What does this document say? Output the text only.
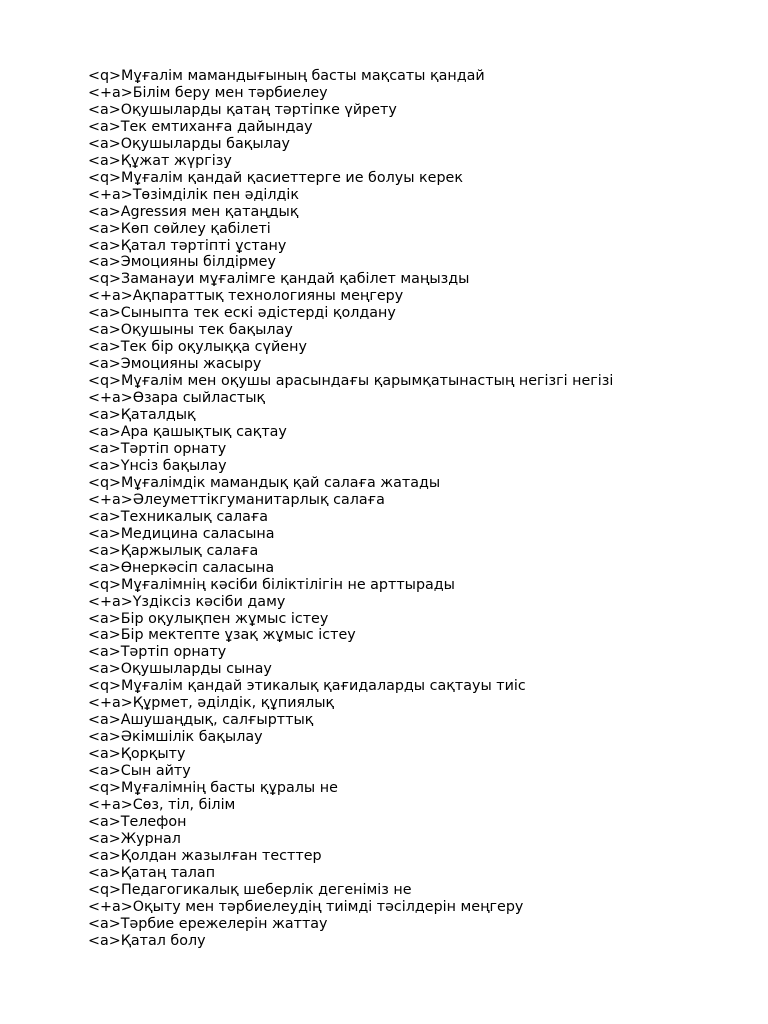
<q>Мұғалім мамандығының басты мақсаты қандай
<+a>Білім беру мен тәрбиелеу
<a>Оқушыларды қатаң тәртіпке үйрету
<a>Тек емтиханға дайындау
<a>Оқушыларды бақылау
<a>Құжат жүргізу
<q>Мұғалім қандай қасиеттерге ие болуы керек
<+a>Төзімділік пен әділдік
<a>Agressия мен қатаңдық
<a>Көп сөйлеу қабілеті
<a>Қатал тәртіпті ұстану
<a>Эмоцияны білдірмеу
<q>Заманауи мұғалімге қандай қабілет маңызды
<+a>Ақпараттық технологияны меңгеру
<a>Сыныпта тек ескі әдістерді қолдану
<a>Оқушыны тек бақылау
<a>Тек бір оқулыққа сүйену
<a>Эмоцияны жасыру
<q>Мұғалім мен оқушы арасындағы қарымқатынастың негізгі негізі
<+a>Өзара сыйластық
<a>Қаталдық
<a>Ара қашықтық сақтау
<a>Тәртіп орнату
<a>Үнсіз бақылау
<q>Мұғалімдік мамандық қай салаға жатады
<+a>Әлеуметтікгуманитарлық салаға
<a>Техникалық салаға
<a>Медицина саласына
<a>Қаржылық салаға
<a>Өнеркәсіп саласына
<q>Мұғалімнің кәсіби біліктілігін не арттырады
<+a>Үздіксіз кәсіби даму
<a>Бір оқулықпен жұмыс істеу
<a>Бір мектепте ұзақ жұмыс істеу
<a>Тәртіп орнату
<a>Оқушыларды сынау
<q>Мұғалім қандай этикалық қағидаларды сақтауы тиіс
<+a>Құрмет, әділдік, құпиялық
<a>Ашушаңдық, салғырттық
<a>Әкімшілік бақылау
<a>Қорқыту
<a>Сын айту
<q>Мұғалімнің басты құралы не
<+a>Сөз, тіл, білім
<a>Телефон
<a>Журнал
<a>Қолдан жазылған тесттер
<a>Қатаң талап
<q>Педагогикалық шеберлік дегеніміз не
<+a>Оқыту мен тәрбиелеудің тиімді тәсілдерін меңгеру
<a>Тәрбие ережелерін жаттау
<a>Қатал болу
